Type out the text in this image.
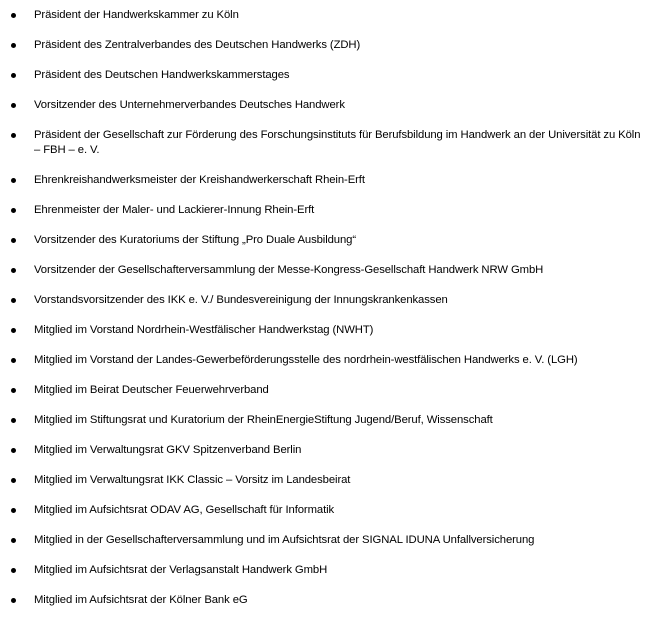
Präsident der Handwerkskammer zu Köln
Präsident des Zentralverbandes des Deutschen Handwerks (ZDH)
Präsident des Deutschen Handwerkskammerstages
Vorsitzender des Unternehmerverbandes Deutsches Handwerk
Präsident der Gesellschaft zur Förderung des Forschungsinstituts für Berufsbildung im Handwerk an der Universität zu Köln – FBH – e. V.
Ehrenkreishandwerksmeister der Kreishandwerkerschaft Rhein-Erft
Ehrenmeister der Maler- und Lackierer-Innung Rhein-Erft
Vorsitzender des Kuratoriums der Stiftung „Pro Duale Ausbildung“
Vorsitzender der Gesellschafterversammlung der Messe-Kongress-Gesellschaft Handwerk NRW GmbH
Vorstandsvorsitzender des IKK e. V./ Bundesvereinigung der Innungskrankenkassen
Mitglied im Vorstand Nordrhein-Westfälischer Handwerkstag (NWHT)
Mitglied im Vorstand der Landes-Gewerbeförderungsstelle des nordrhein-westfälischen Handwerks e. V. (LGH)
Mitglied im Beirat Deutscher Feuerwehrverband
Mitglied im Stiftungsrat und Kuratorium der RheinEnergieStiftung Jugend/Beruf, Wissenschaft
Mitglied im Verwaltungsrat GKV Spitzenverband Berlin
Mitglied im Verwaltungsrat IKK Classic – Vorsitz im Landesbeirat
Mitglied im Aufsichtsrat ODAV AG, Gesellschaft für Informatik
Mitglied in der Gesellschafterversammlung und im Aufsichtsrat der SIGNAL IDUNA Unfallversicherung
Mitglied im Aufsichtsrat der Verlagsanstalt Handwerk GmbH
Mitglied im Aufsichtsrat der Kölner Bank eG
